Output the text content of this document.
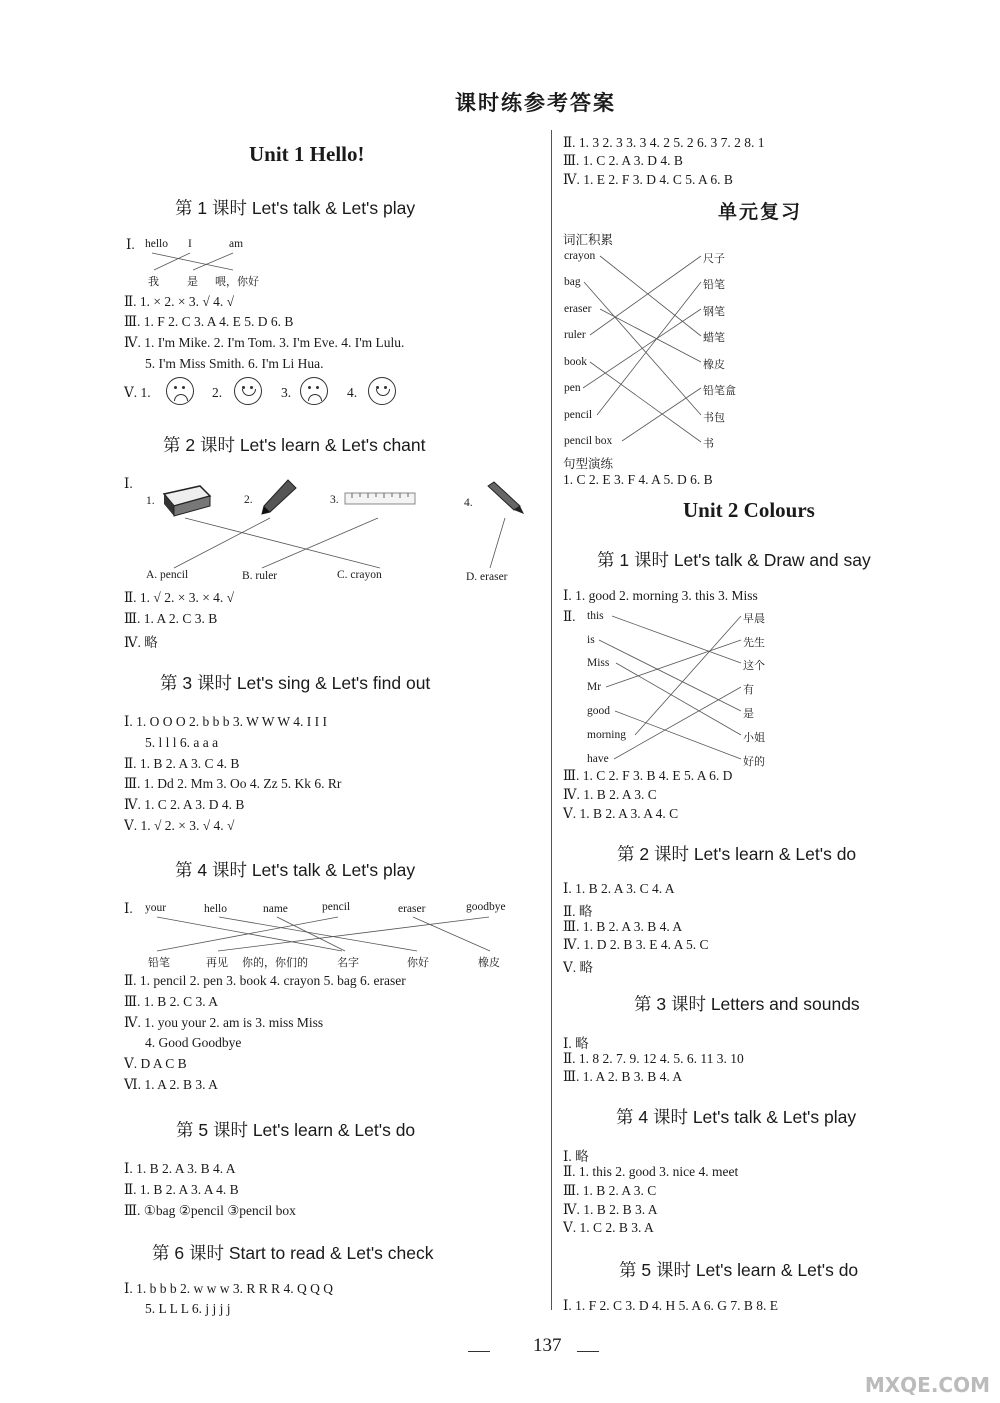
课时练参考答案
Unit 1 Hello!
第 1 课时 Let's talk & Let's play
Ⅰ. hello I	am
我	是 喂，你好
Ⅱ. 1. × 2. × 3. √ 4. √
Ⅲ. 1. F 2. C 3. A 4. E 5. D 6. B
Ⅳ. 1. I'm Mike. 2. I'm Tom. 3. I'm Eve. 4. I'm Lulu.
5. I'm Miss Smith. 6. I'm Li Hua.
Ⅴ. 1.	2.	3.	4.
第 2 课时 Let's learn & Let's chant
Ⅰ.
1.	2.	3.	4.
A. pencil	B. ruler	C. crayon	D. eraser
Ⅱ. 1. √ 2. × 3. × 4. √
Ⅲ. 1. A 2. C 3. B
Ⅳ. 略
第 3 课时 Let's sing & Let's find out
Ⅰ. 1. O O O 2. b b b 3. W W W 4. I I I
5. l l l 6. a a a
Ⅱ. 1. B 2. A 3. C 4. B
Ⅲ. 1. Dd 2. Mm 3. Oo 4. Zz 5. Kk 6. Rr
Ⅳ. 1. C 2. A 3. D 4. B
Ⅴ. 1. √ 2. × 3. √ 4. √
第 4 课时 Let's talk & Let's play
Ⅰ. your	hello	name	pencil	eraser	goodbye
铅笔	再见 你的，你们的	名字	你好	橡皮
Ⅱ. 1. pencil 2. pen 3. book 4. crayon 5. bag 6. eraser
Ⅲ. 1. B 2. C 3. A
Ⅳ. 1. you your 2. am is 3. miss Miss
4. Good Goodbye
Ⅴ. D A C B
Ⅵ. 1. A 2. B 3. A
第 5 课时 Let's learn & Let's do
Ⅰ. 1. B 2. A 3. B 4. A
Ⅱ. 1. B 2. A 3. A 4. B
Ⅲ. ①bag ②pencil ③pencil box
第 6 课时 Start to read & Let's check
Ⅰ. 1. b b b 2. w w w 3. R R R 4. Q Q Q
5. L L L 6. j j j j
Ⅱ. 1. 3 2. 3 3. 3 4. 2 5. 2 6. 3 7. 2 8. 1
Ⅲ. 1. C 2. A 3. D 4. B
Ⅳ. 1. E 2. F 3. D 4. C 5. A 6. B
单元复习
词汇积累
crayon
bag
eraser
ruler
book
pen
pencil
pencil box
尺子
铅笔
钢笔
蜡笔
橡皮
铅笔盒
书包
书
句型演练
1. C 2. E 3. F 4. A 5. D 6. B
Unit 2 Colours
第 1 课时 Let's talk & Draw and say
Ⅰ. 1. good 2. morning 3. this 3. Miss
Ⅱ. this
is
Miss
Mr
good
morning
have
早晨
先生
这个
有
是
小姐
好的
Ⅲ. 1. C 2. F 3. B 4. E 5. A 6. D
Ⅳ. 1. B 2. A 3. C
Ⅴ. 1. B 2. A 3. A 4. C
第 2 课时 Let's learn & Let's do
Ⅰ. 1. B 2. A 3. C 4. A
Ⅱ. 略
Ⅲ. 1. B 2. A 3. B 4. A
Ⅳ. 1. D 2. B 3. E 4. A 5. C
Ⅴ. 略
第 3 课时 Letters and sounds
Ⅰ. 略
Ⅱ. 1. 8 2. 7. 9. 12 4. 5. 6. 11 3. 10
Ⅲ. 1. A 2. B 3. B 4. A
第 4 课时 Let's talk & Let's play
Ⅰ. 略
Ⅱ. 1. this 2. good 3. nice 4. meet
Ⅲ. 1. B 2. A 3. C
Ⅳ. 1. B 2. B 3. A
Ⅴ. 1. C 2. B 3. A
第 5 课时 Let's learn & Let's do
Ⅰ. 1. F 2. C 3. D 4. H 5. A 6. G 7. B 8. E
137
MXQE.COM
